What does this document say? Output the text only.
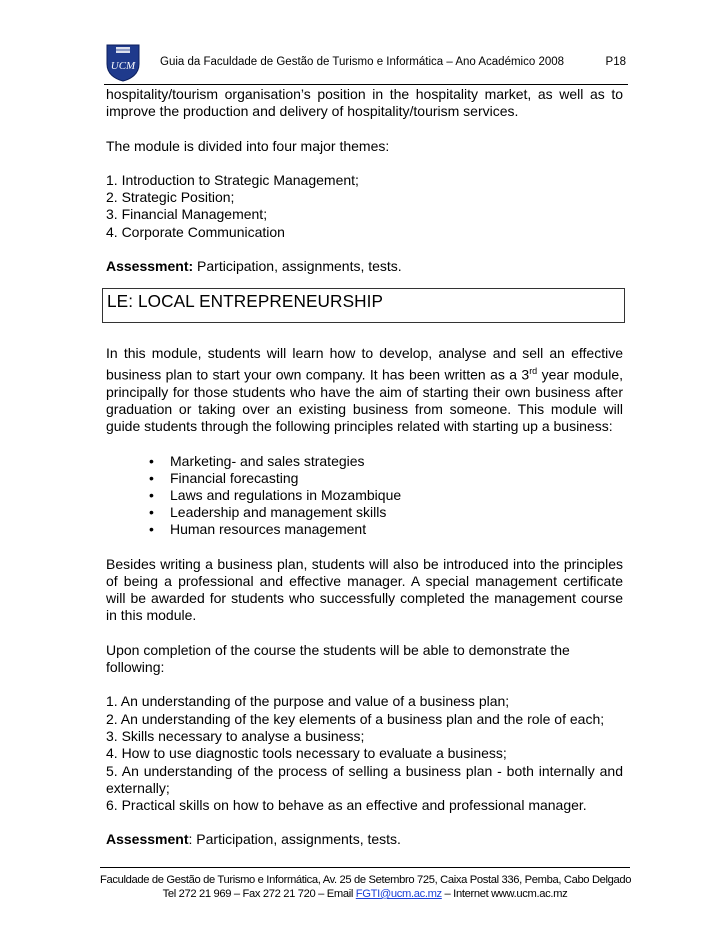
UCM Guia da Faculdade de Gestão de Turismo e Informática – Ano Académico 2008	P18

hospitality/tourism organisation’s position in the hospitality market, as well as to improve the production and delivery of hospitality/tourism services.

The module is divided into four major themes:

1. Introduction to Strategic Management;

2. Strategic Position;

3. Financial Management;

4. Corporate Communication

Assessment: Participation, assignments, tests.

LE: LOCAL ENTREPRENEURSHIP

In this module, students will learn how to develop, analyse and sell an effective business plan to start your own company. It has been written as a 3rd year module, principally for those students who have the aim of starting their own business after graduation or taking over an existing business from someone. This module will guide students through the following principles related with starting up a business:

• Marketing- and sales strategies
• Financial forecasting
• Laws and regulations in Mozambique
• Leadership and management skills
• Human resources management

Besides writing a business plan, students will also be introduced into the principles of being a professional and effective manager. A special management certificate will be awarded for students who successfully completed the management course in this module.

Upon completion of the course the students will be able to demonstrate the following:

1. An understanding of the purpose and value of a business plan;

2. An understanding of the key elements of a business plan and the role of each;

3. Skills necessary to analyse a business;

4. How to use diagnostic tools necessary to evaluate a business;

5. An understanding of the process of selling a business plan - both internally and externally;

6. Practical skills on how to behave as an effective and professional manager.

Assessment: Participation, assignments, tests.

Faculdade de Gestão de Turismo e Informática, Av. 25 de Setembro 725, Caixa Postal 336, Pemba, Cabo Delgado
Tel 272 21 969 – Fax 272 21 720 – Email FGTI@ucm.ac.mz – Internet www.ucm.ac.mz
